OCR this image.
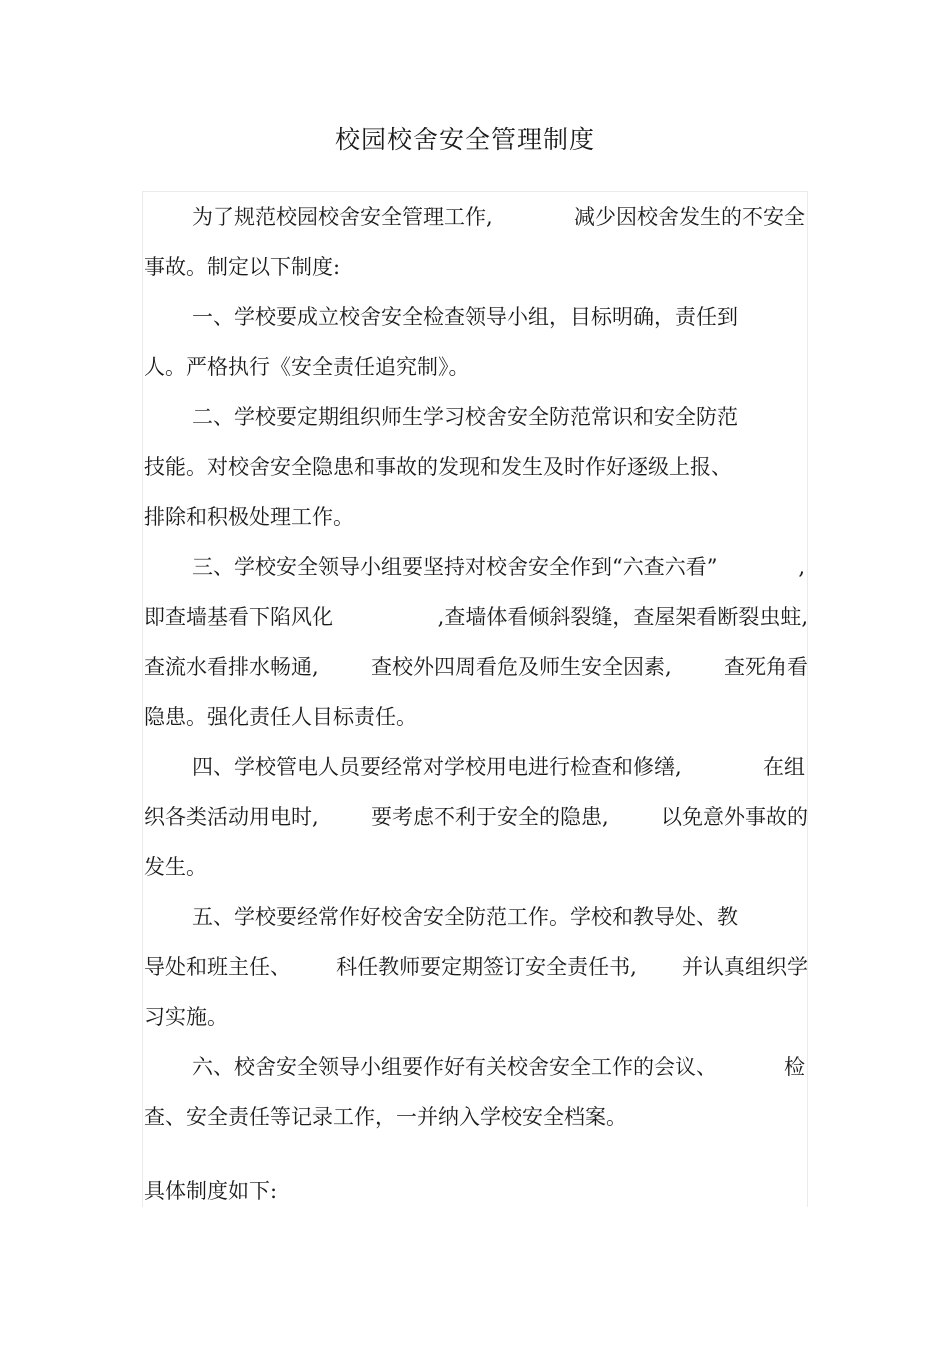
校园校舍安全管理制度
为了规范校园校舍安全管理工作,	减少因校舍发生的不安全
事故。制定以下制度:
一、学校要成立校舍安全检查领导小组，目标明确，责任到
人。严格执行《安全责任追究制》。
二、学校要定期组织师生学习校舍安全防范常识和安全防范
技能。对校舍安全隐患和事故的发现和发生及时作好逐级上报、
排除和积极处理工作。
三、学校安全领导小组要坚持对校舍安全作到“六查六看”	,
即查墙基看下陷风化	,查墙体看倾斜裂缝，查屋架看断裂虫蛀,
查流水看排水畅通, 查校外四周看危及师生安全因素, 查死角看
隐患。强化责任人目标责任。
四、学校管电人员要经常对学校用电进行检查和修缮,	在组
织各类活动用电时, 要考虑不利于安全的隐患, 以免意外事故的
发生。
五、学校要经常作好校舍安全防范工作。学校和教导处、教
导处和班主任、 科任教师要定期签订安全责任书, 并认真组织学
习实施。
六、校舍安全领导小组要作好有关校舍安全工作的会议、	检
查、安全责任等记录工作，一并纳入学校安全档案。
具体制度如下:
